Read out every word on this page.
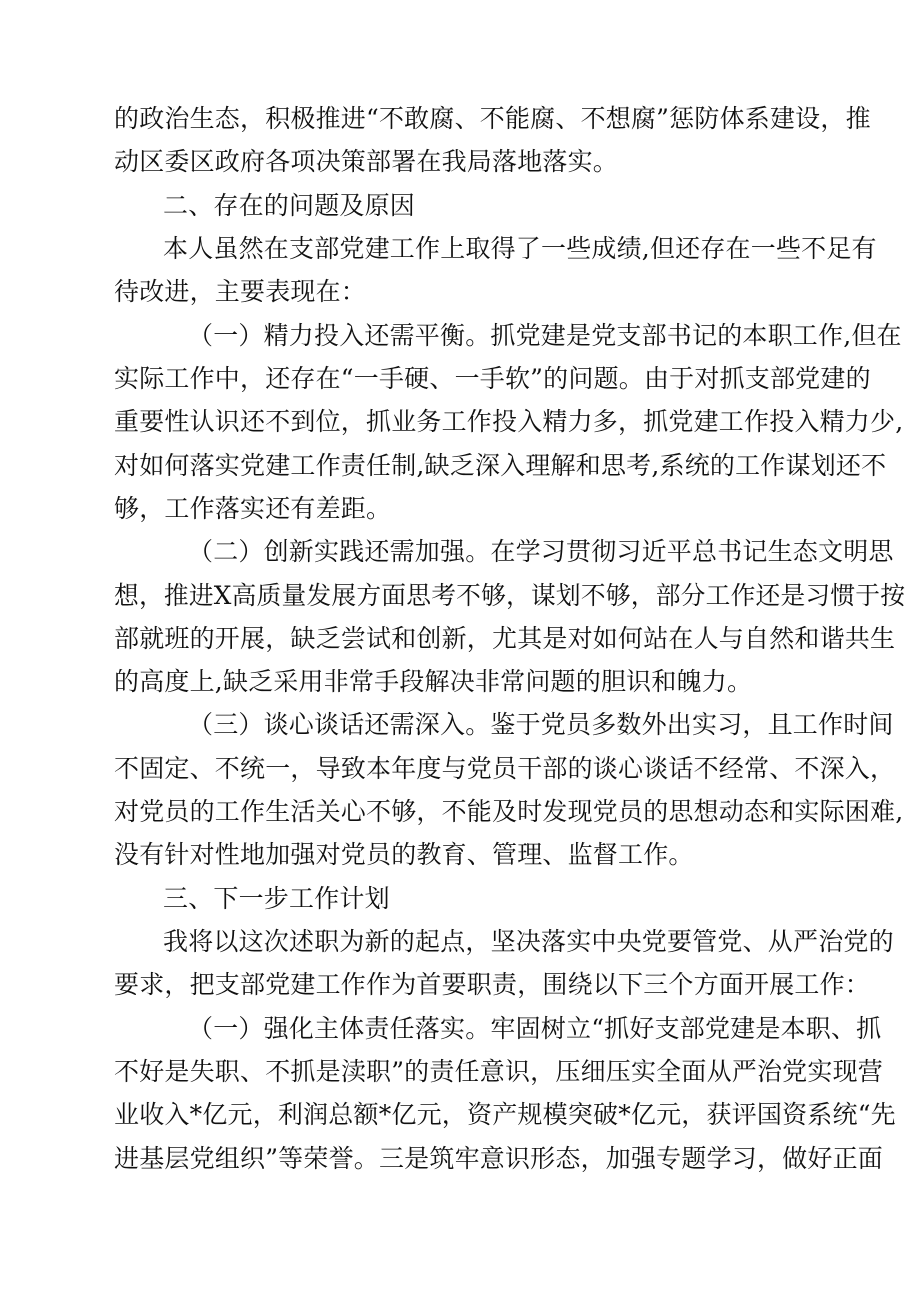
的政治生态，积极推进“不敢腐、不能腐、不想腐”惩防体系建设，推
动区委区政府各项决策部署在我局落地落实。
二、存在的问题及原因
本人虽然在支部党建工作上取得了一些成绩,但还存在一些不足有
待改进，主要表现在：
（一）精力投入还需平衡。抓党建是党支部书记的本职工作,但在
实际工作中，还存在“一手硬、一手软”的问题。由于对抓支部党建的
重要性认识还不到位，抓业务工作投入精力多，抓党建工作投入精力少,
对如何落实党建工作责任制,缺乏深入理解和思考,系统的工作谋划还不
够，工作落实还有差距。
（二）创新实践还需加强。在学习贯彻习近平总书记生态文明思
想，推进X高质量发展方面思考不够，谋划不够，部分工作还是习惯于按
部就班的开展，缺乏尝试和创新，尤其是对如何站在人与自然和谐共生
的高度上,缺乏采用非常手段解决非常问题的胆识和魄力。
（三）谈心谈话还需深入。鉴于党员多数外出实习，且工作时间
不固定、不统一，导致本年度与党员干部的谈心谈话不经常、不深入，
对党员的工作生活关心不够，不能及时发现党员的思想动态和实际困难,
没有针对性地加强对党员的教育、管理、监督工作。
三、下一步工作计划
我将以这次述职为新的起点，坚决落实中央党要管党、从严治党的
要求，把支部党建工作作为首要职责，围绕以下三个方面开展工作：
（一）强化主体责任落实。牢固树立“抓好支部党建是本职、抓
不好是失职、不抓是渎职”的责任意识，压细压实全面从严治党实现营
业收入*亿元，利润总额*亿元，资产规模突破*亿元，获评国资系统“先
进基层党组织”等荣誉。三是筑牢意识形态，加强专题学习，做好正面
